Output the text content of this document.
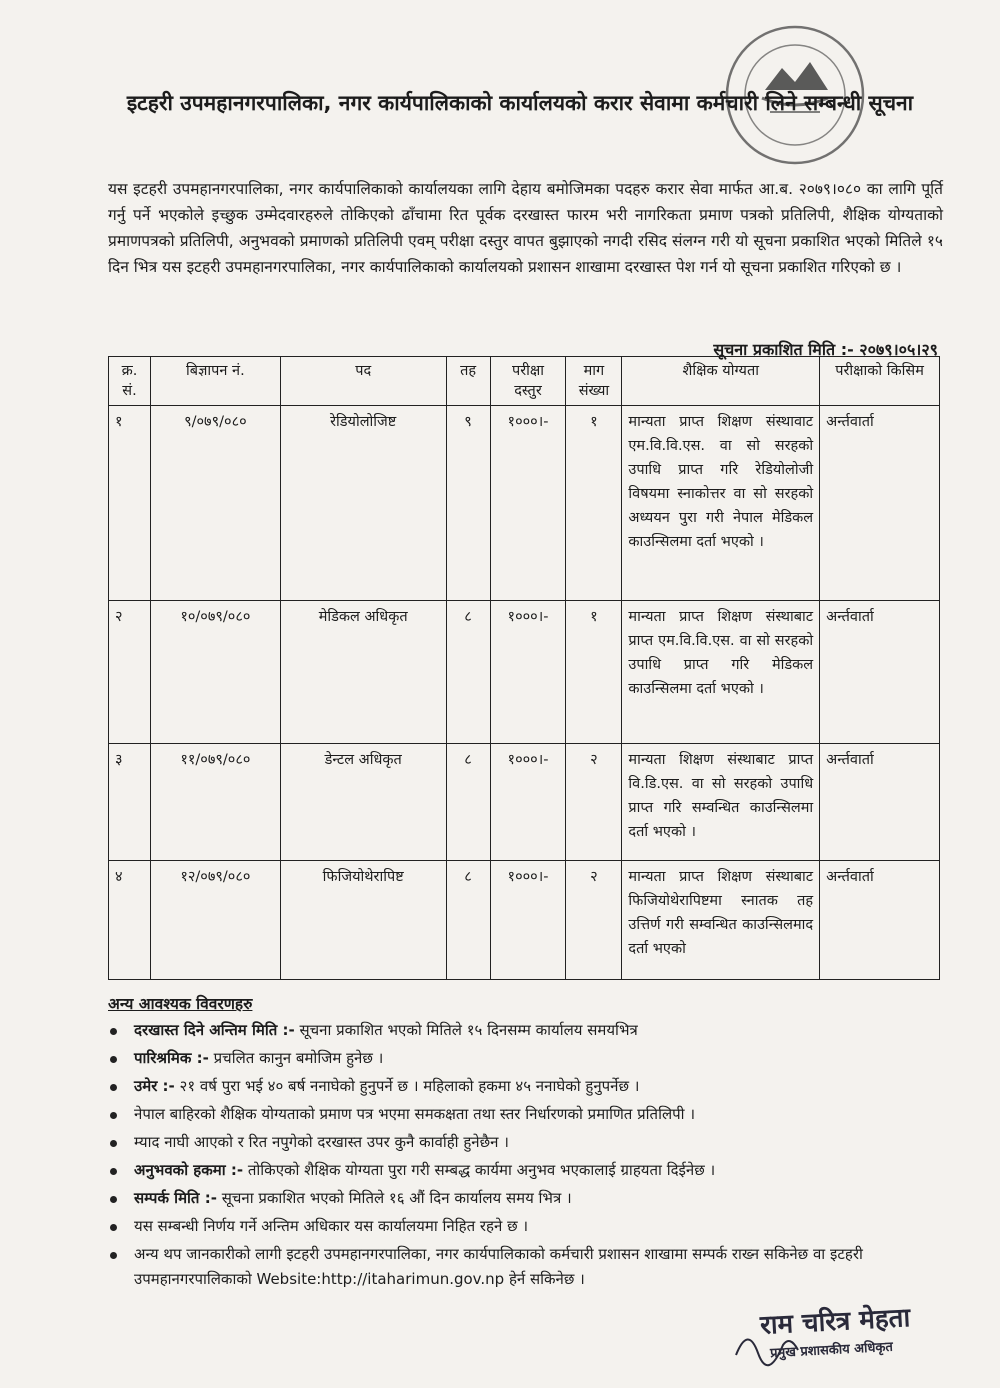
इटहरी उपमहानगरपालिका, नगर कार्यपालिकाको कार्यालयको करार सेवामा कर्मचारी लिने सम्बन्धी सूचना
यस इटहरी उपमहानगरपालिका, नगर कार्यपालिकाको कार्यालयका लागि देहाय बमोजिमका पदहरु करार सेवा मार्फत आ.ब. २०७९।०८० का लागि पूर्ति गर्नु पर्ने भएकोले इच्छुक उम्मेदवारहरुले तोकिएको ढाँचामा रित पूर्वक दरखास्त फारम भरी नागरिकता प्रमाण पत्रको प्रतिलिपी, शैक्षिक योग्यताको प्रमाणपत्रको प्रतिलिपी, अनुभवको प्रमाणको प्रतिलिपी एवम् परीक्षा दस्तुर वापत बुझाएको नगदी रसिद संलग्न गरी यो सूचना प्रकाशित भएको मितिले १५ दिन भित्र यस इटहरी उपमहानगरपालिका, नगर कार्यपालिकाको कार्यालयको प्रशासन शाखामा दरखास्त पेश गर्न यो सूचना प्रकाशित गरिएको छ ।
सूचना प्रकाशित मिति :- २०७९।०५।२९
क्र. सं.	बिज्ञापन नं.	पद	तह	परीक्षा दस्तुर	माग संख्या	शैक्षिक योग्यता	परीक्षाको किसिम
१	९/०७९/०८०	रेडियोलोजिष्ट	९	१०००।-	१	मान्यता प्राप्त शिक्षण संस्थावाट एम.वि.वि.एस. वा सो सरहको उपाधि प्राप्त गरि रेडियोलोजी विषयमा स्नाकोत्तर वा सो सरहको अध्ययन पुरा गरी नेपाल मेडिकल काउन्सिलमा दर्ता भएको ।	अर्न्तवार्ता
२	१०/०७९/०८०	मेडिकल अधिकृत	८	१०००।-	१	मान्यता प्राप्त शिक्षण संस्थाबाट प्राप्त एम.वि.वि.एस. वा सो सरहको उपाधि प्राप्त गरि मेडिकल काउन्सिलमा दर्ता भएको ।	अर्न्तवार्ता
३	११/०७९/०८०	डेन्टल अधिकृत	८	१०००।-	२	मान्यता शिक्षण संस्थाबाट प्राप्त वि.डि.एस. वा सो सरहको उपाधि प्राप्त गरि सम्वन्धित काउन्सिलमा दर्ता भएको ।	अर्न्तवार्ता
४	१२/०७९/०८०	फिजियोथेरापिष्ट	८	१०००।-	२	मान्यता प्राप्त शिक्षण संस्थाबाट फिजियोथेरापिष्टमा स्नातक तह उत्तिर्ण गरी सम्वन्धित काउन्सिलमाद दर्ता भएको	अर्न्तवार्ता
अन्य आवश्यक विवरणहरु
दरखास्त दिने अन्तिम मिति :- सूचना प्रकाशित भएको मितिले १५ दिनसम्म कार्यालय समयभित्र
पारिश्रमिक :- प्रचलित कानुन बमोजिम हुनेछ ।
उमेर :- २१ वर्ष पुरा भई ४० बर्ष ननाघेको हुनुपर्ने छ । महिलाको हकमा ४५ ननाघेको हुनुपर्नेछ ।
नेपाल बाहिरको शैक्षिक योग्यताको प्रमाण पत्र भएमा समकक्षता तथा स्तर निर्धारणको प्रमाणित प्रतिलिपी ।
म्याद नाघी आएको र रित नपुगेको दरखास्त उपर कुनै कार्वाही हुनेछैन ।
अनुभवको हकमा :- तोकिएको शैक्षिक योग्यता पुरा गरी सम्बद्ध कार्यमा अनुभव भएकालाई ग्राहयता दिईनेछ ।
सम्पर्क मिति :- सूचना प्रकाशित भएको मितिले १६ औं दिन कार्यालय समय भित्र ।
यस सम्बन्धी निर्णय गर्ने अन्तिम अधिकार यस कार्यालयमा निहित रहने छ ।
अन्य थप जानकारीको लागी इटहरी उपमहानगरपालिका, नगर कार्यपालिकाको कर्मचारी प्रशासन शाखामा सम्पर्क राख्न सकिनेछ वा इटहरी उपमहानगरपालिकाको Website:http://itaharimun.gov.np हेर्न सकिनेछ ।
राम चरित्र मेहता
प्रमुख प्रशासकीय अधिकृत
